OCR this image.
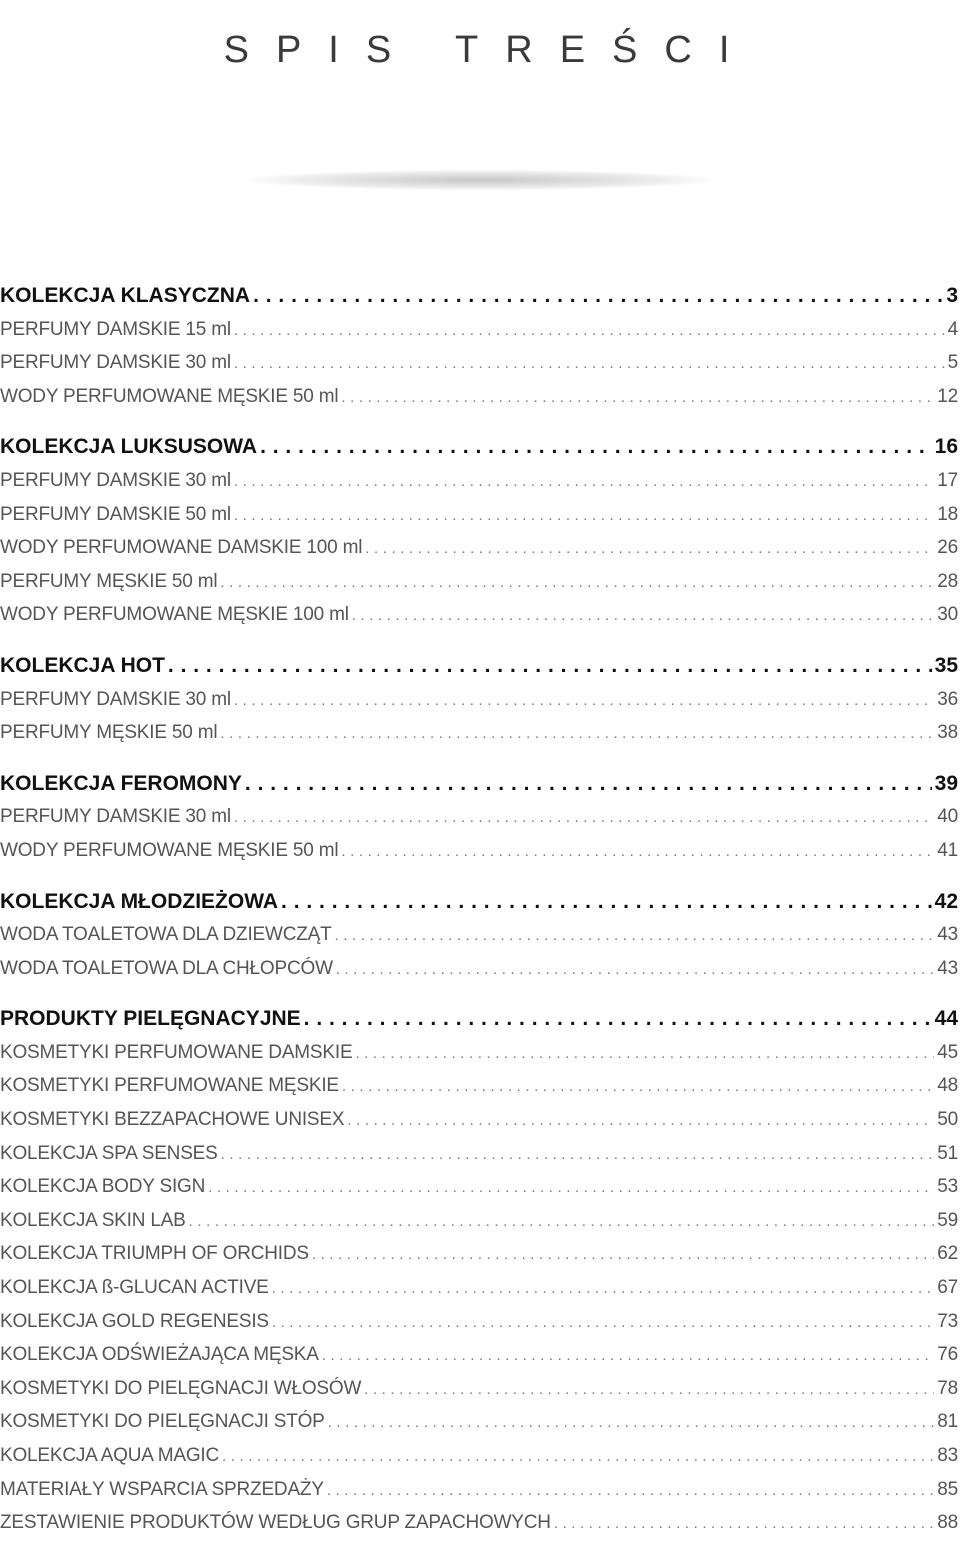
SPIS TREŚCI
KOLEKCJA KLASYCZNA . . .	3
PERFUMY DAMSKIE 15 ml . . .	4
PERFUMY DAMSKIE 30 ml . . .	5
WODY PERFUMOWANE MĘSKIE 50 ml . . .	12
KOLEKCJA LUKSUSOWA . . .	16
PERFUMY DAMSKIE 30 ml . . .	17
PERFUMY DAMSKIE 50 ml . . .	18
WODY PERFUMOWANE DAMSKIE 100 ml . . .	26
PERFUMY MĘSKIE 50 ml . . .	28
WODY PERFUMOWANE MĘSKIE 100 ml . . .	30
KOLEKCJA HOT . . .	35
PERFUMY DAMSKIE 30 ml . . .	36
PERFUMY MĘSKIE 50 ml . . .	38
KOLEKCJA FEROMONY . . .	39
PERFUMY DAMSKIE 30 ml . . .	40
WODY PERFUMOWANE MĘSKIE 50 ml . . .	41
KOLEKCJA MŁODZIEŻOWA . . .	42
WODA TOALETOWA DLA DZIEWCZĄT . . .	43
WODA TOALETOWA DLA CHŁOPCÓW . . .	43
PRODUKTY PIELĘGNACYJNE . . .	44
KOSMETYKI PERFUMOWANE DAMSKIE . . .	45
KOSMETYKI PERFUMOWANE MĘSKIE . . .	48
KOSMETYKI BEZZAPACHOWE UNISEX . . .	50
KOLEKCJA SPA SENSES . . .	51
KOLEKCJA BODY SIGN . . .	53
KOLEKCJA SKIN LAB . . .	59
KOLEKCJA TRIUMPH OF ORCHIDS . . .	62
KOLEKCJA ß-GLUCAN ACTIVE . . .	67
KOLEKCJA GOLD REGENESIS . . .	73
KOLEKCJA ODŚWIEŻAJĄCA MĘSKA . . .	76
KOSMETYKI DO PIELĘGNACJI WŁOSÓW . . .	78
KOSMETYKI DO PIELĘGNACJI STÓP . . .	81
KOLEKCJA AQUA MAGIC . . .	83
MATERIAŁY WSPARCIA SPRZEDAŻY . . .	85
ZESTAWIENIE PRODUKTÓW WEDŁUG GRUP ZAPACHOWYCH . . .	88
